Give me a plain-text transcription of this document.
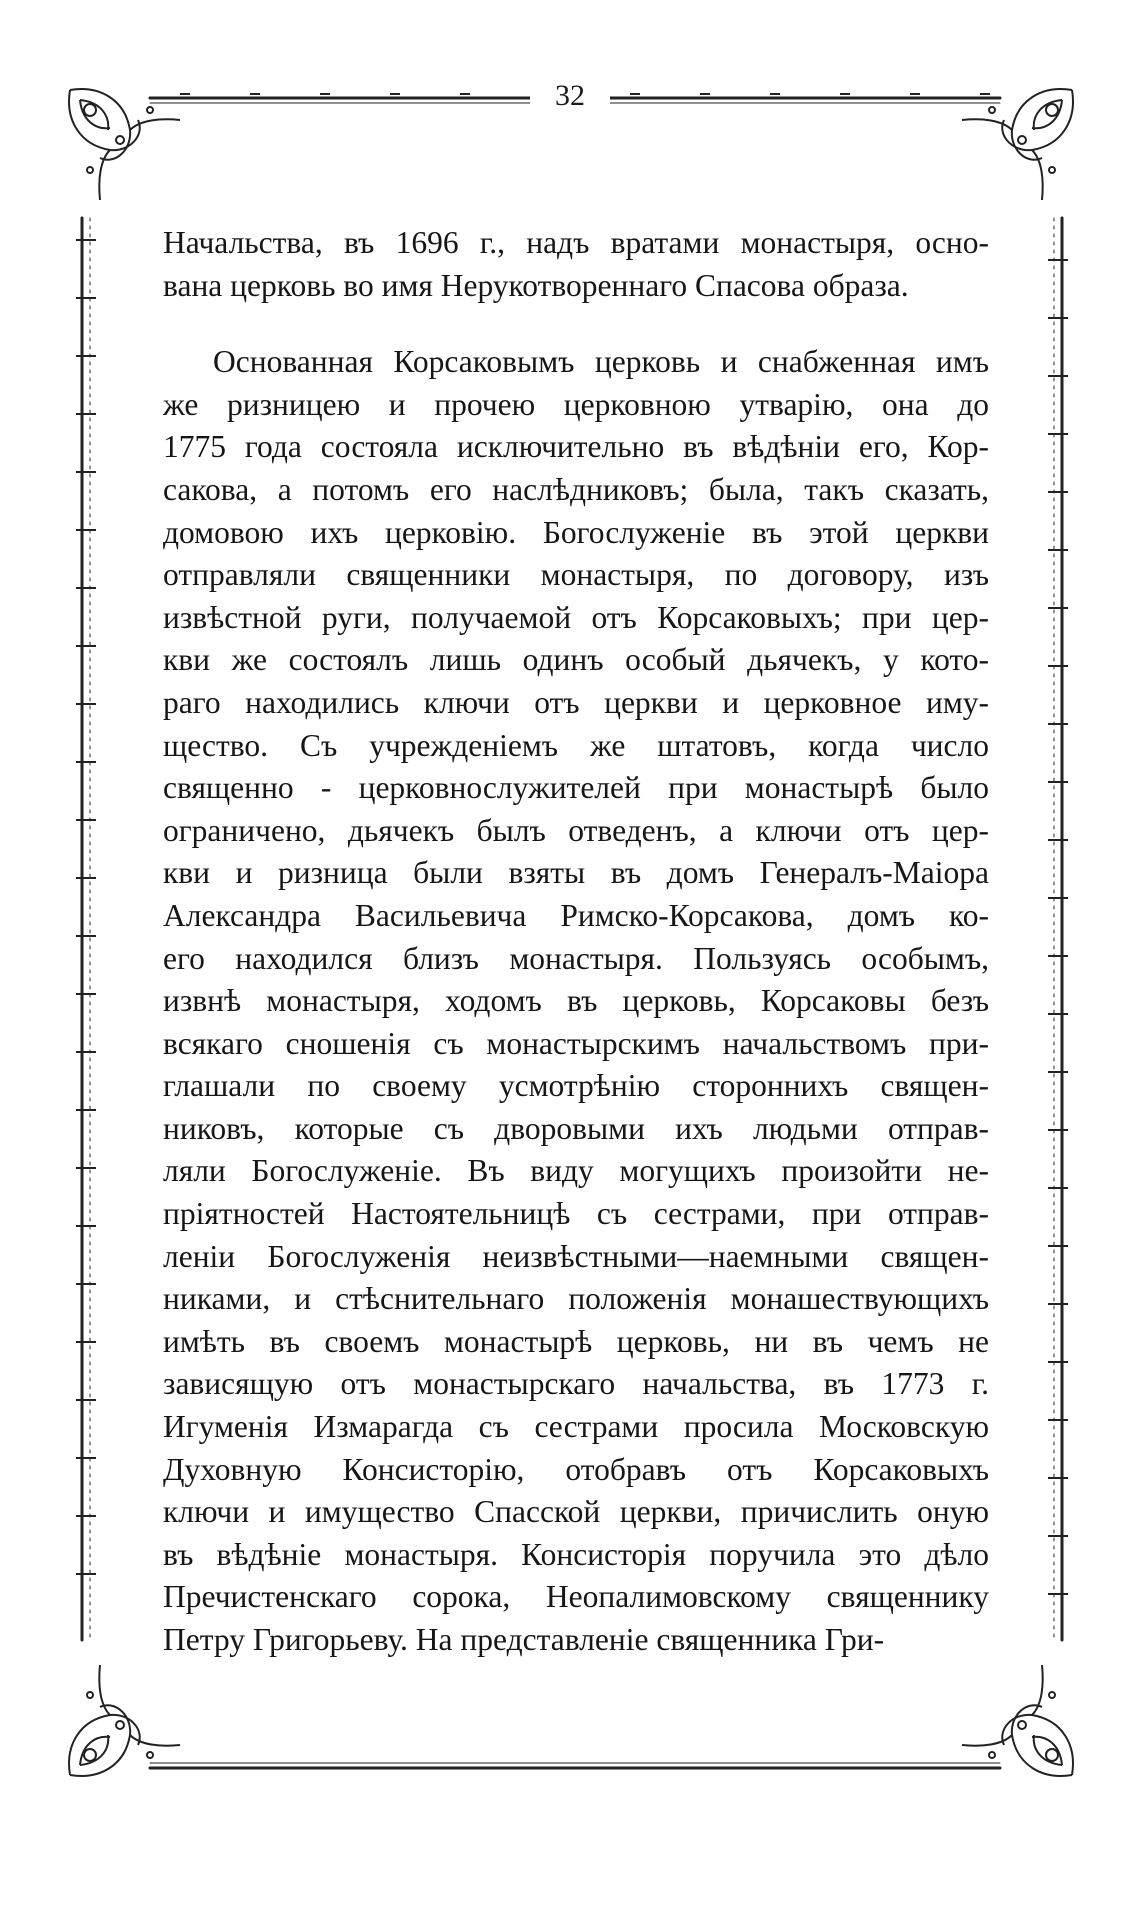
32
Начальства, въ 1696 г., надъ вратами монастыря, осно-
вана церковь во имя Нерукотвореннаго Спасова образа.
Основанная Корсаковымъ церковь и снабженная имъ
же ризницею и прочею церковною утварію, она до
1775 года состояла исключительно въ вѣдѣніи его, Кор-
сакова, а потомъ его наслѣдниковъ; была, такъ сказать,
домовою ихъ церковію. Богослуженіе въ этой церкви
отправляли священники монастыря, по договору, изъ
извѣстной руги, получаемой отъ Корсаковыхъ; при цер-
кви же состоялъ лишь одинъ особый дьячекъ, у кото-
раго находились ключи отъ церкви и церковное иму-
щество. Съ учрежденіемъ же штатовъ, когда число
священно - церковнослужителей при монастырѣ было
ограничено, дьячекъ былъ отведенъ, а ключи отъ цер-
кви и ризница были взяты въ домъ Генералъ-Маіора
Александра Васильевича Римско-Корсакова, домъ ко-
его находился близъ монастыря. Пользуясь особымъ,
извнѣ монастыря, ходомъ въ церковь, Корсаковы безъ
всякаго сношенія съ монастырскимъ начальствомъ при-
глашали по своему усмотрѣнію стороннихъ священ-
никовъ, которые съ дворовыми ихъ людьми отправ-
ляли Богослуженіе. Въ виду могущихъ произойти не-
пріятностей Настоятельницѣ съ сестрами, при отправ-
леніи Богослуженія неизвѣстными—наемными священ-
никами, и стѣснительнаго положенія монашествующихъ
имѣть въ своемъ монастырѣ церковь, ни въ чемъ не
зависящую отъ монастырскаго начальства, въ 1773 г.
Игуменія Измарагда съ сестрами просила Московскую
Духовную Консисторію, отобравъ отъ Корсаковыхъ
ключи и имущество Спасской церкви, причислить оную
въ вѣдѣніе монастыря. Консисторія поручила это дѣло
Пречистенскаго сорока, Неопалимовскому священнику
Петру Григорьеву. На представленіе священника Гри-
